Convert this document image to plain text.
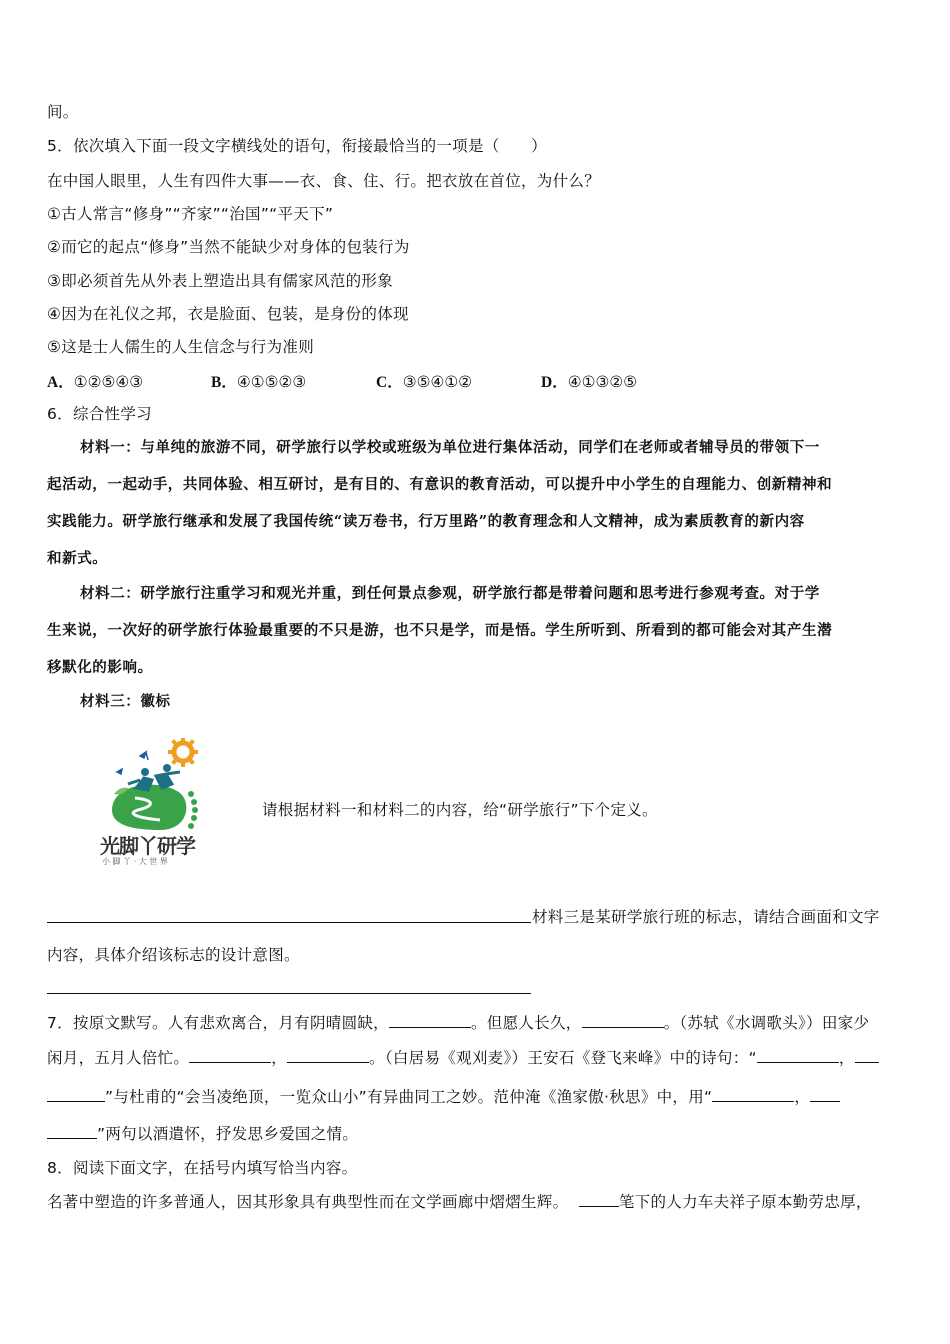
间。
5．依次填入下面一段文字横线处的语句，衔接最恰当的一项是（　　）
在中国人眼里，人生有四件大事——衣、食、住、行。把衣放在首位，为什么？
①古人常言“修身”“齐家”“治国”“平天下”
②而它的起点“修身”当然不能缺少对身体的包装行为
③即必须首先从外表上塑造出具有儒家风范的形象
④因为在礼仪之邦，衣是脸面、包装，是身份的体现
⑤这是士人儒生的人生信念与行为准则
A．①②⑤④③	B．④①⑤②③	C．③⑤④①②	D．④①③②⑤
6．综合性学习
材料一：与单纯的旅游不同，研学旅行以学校或班级为单位进行集体活动，同学们在老师或者辅导员的带领下一
起活动，一起动手，共同体验、相互研讨，是有目的、有意识的教育活动，可以提升中小学生的自理能力、创新精神和
实践能力。研学旅行继承和发展了我国传统“读万卷书，行万里路”的教育理念和人文精神，成为素质教育的新内容
和新式。
材料二：研学旅行注重学习和观光并重，到任何景点参观，研学旅行都是带着问题和思考进行参观考查。对于学
生来说，一次好的研学旅行体验最重要的不只是游，也不只是学，而是悟。学生所听到、所看到的都可能会对其产生潜
移默化的影响。
材料三：徽标
光脚丫研学
小 脚 丫 · 大 世 界
请根据材料一和材料二的内容，给“研学旅行”下个定义。
材料三是某研学旅行班的标志，请结合画面和文字
内容，具体介绍该标志的设计意图。
7．按原文默写。人有悲欢离合，月有阴晴圆缺，	。但愿人长久，	。（苏轼《水调歌头》）田家少
闲月，五月人倍忙。	，	。（白居易《观刈麦》）王安石《登飞来峰》中的诗句：“	，
”与杜甫的“会当凌绝顶，一览众山小”有异曲同工之妙。范仲淹《渔家傲·秋思》中，用“	，
”两句以酒遣怀，抒发思乡爱国之情。
8．阅读下面文字，在括号内填写恰当内容。
名著中塑造的许多普通人，因其形象具有典型性而在文学画廊中熠熠生辉。	笔下的人力车夫祥子原本勤劳忠厚，
